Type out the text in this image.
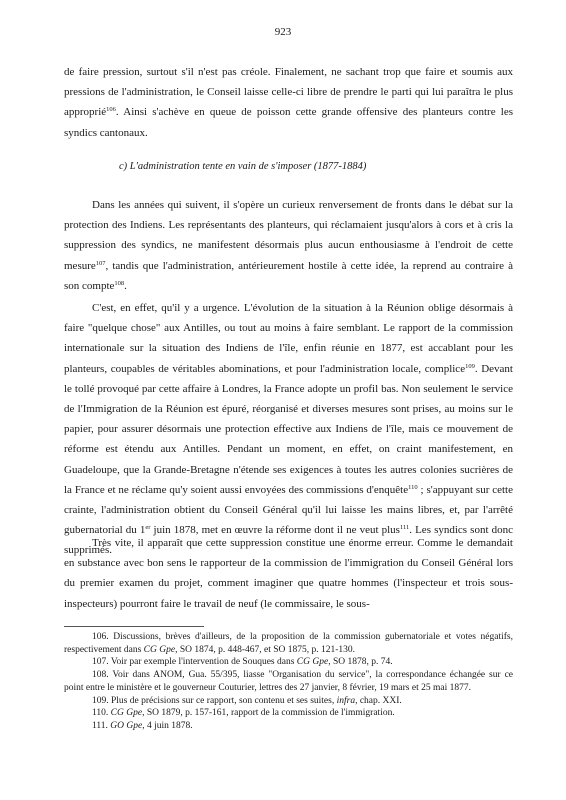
923

de faire pression, surtout s'il n'est pas créole. Finalement, ne sachant trop que faire et soumis aux pressions de l'administration, le Conseil laisse celle-ci libre de prendre le parti qui lui paraîtra le plus approprié$^{106}$. Ainsi s'achève en queue de poisson cette grande offensive des planteurs contre les syndics cantonaux.

c) L'administration tente en vain de s'imposer (1877-1884)

Dans les années qui suivent, il s'opère un curieux renversement de fronts dans le débat sur la protection des Indiens. Les représentants des planteurs, qui réclamaient jusqu'alors à cors et à cris la suppression des syndics, ne manifestent désormais plus aucun enthousiasme à l'endroit de cette mesure$^{107}$, tandis que l'administration, antérieurement hostile à cette idée, la reprend au contraire à son compte$^{108}$.

C'est, en effet, qu'il y a urgence. L'évolution de la situation à la Réunion oblige désormais à faire "quelque chose" aux Antilles, ou tout au moins à faire semblant. Le rapport de la commission internationale sur la situation des Indiens de l'île, enfin réunie en 1877, est accablant pour les planteurs, coupables de véritables abominations, et pour l'administration locale, complice$^{109}$. Devant le tollé provoqué par cette affaire à Londres, la France adopte un profil bas. Non seulement le service de l'Immigration de la Réunion est épuré, réorganisé et diverses mesures sont prises, au moins sur le papier, pour assurer désormais une protection effective aux Indiens de l'île, mais ce mouvement de réforme est étendu aux Antilles. Pendant un moment, en effet, on craint manifestement, en Guadeloupe, que la Grande-Bretagne n'étende ses exigences à toutes les autres colonies sucrières de la France et ne réclame qu'y soient aussi envoyées des commissions d'enquête$^{110}$ ; s'appuyant sur cette crainte, l'administration obtient du Conseil Général qu'il lui laisse les mains libres, et, par l'arrêté gubernatorial du 1er juin 1878, met en œuvre la réforme dont il ne veut plus$^{111}$. Les syndics sont donc supprimés.

Très vite, il apparaît que cette suppression constitue une énorme erreur. Comme le demandait en substance avec bon sens le rapporteur de la commission de l'immigration du Conseil Général lors du premier examen du projet, comment imaginer que quatre hommes (l'inspecteur et trois sous-inspecteurs) pourront faire le travail de neuf (le commissaire, le sous-

106. Discussions, brèves d'ailleurs, de la proposition de la commission gubernatoriale et votes négatifs, respectivement dans CG Gpe, SO 1874, p. 448-467, et SO 1875, p. 121-130.

107. Voir par exemple l'intervention de Souques dans CG Gpe, SO 1878, p. 74.

108. Voir dans ANOM, Gua. 55/395, liasse "Organisation du service", la correspondance échangée sur ce point entre le ministère et le gouverneur Couturier, lettres des 27 janvier, 8 février, 19 mars et 25 mai 1877.

109. Plus de précisions sur ce rapport, son contenu et ses suites, infra, chap. XXI.

110. CG Gpe, SO 1879, p. 157-161, rapport de la commission de l'immigration.

111. GO Gpe, 4 juin 1878.
